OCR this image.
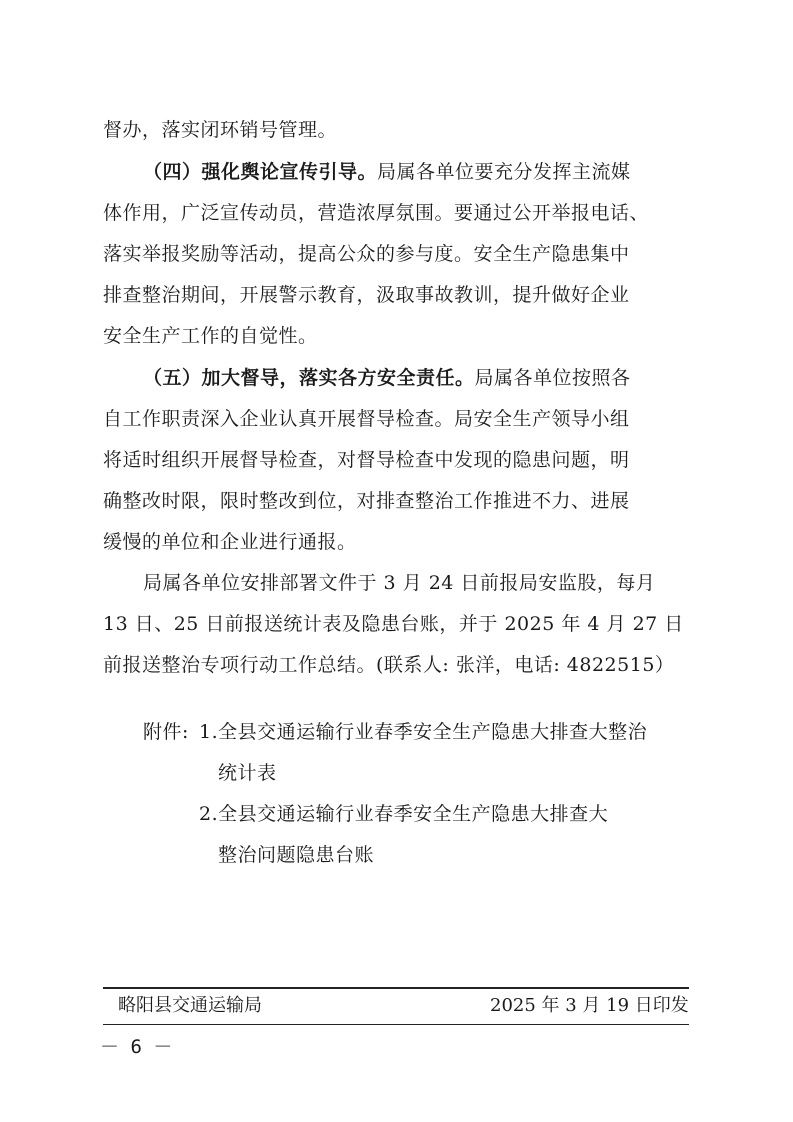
督办，落实闭环销号管理。
（四）强化舆论宣传引导。局属各单位要充分发挥主流媒
体作用，广泛宣传动员，营造浓厚氛围。要通过公开举报电话、
落实举报奖励等活动，提高公众的参与度。安全生产隐患集中
排查整治期间，开展警示教育，汲取事故教训，提升做好企业
安全生产工作的自觉性。
（五）加大督导，落实各方安全责任。局属各单位按照各
自工作职责深入企业认真开展督导检查。局安全生产领导小组
将适时组织开展督导检查，对督导检查中发现的隐患问题，明
确整改时限，限时整改到位，对排查整治工作推进不力、进展
缓慢的单位和企业进行通报。
局属各单位安排部署文件于 3 月 24 日前报局安监股，每月
13 日、25 日前报送统计表及隐患台账，并于 2025 年 4 月 27 日
前报送整治专项行动工作总结。(联系人: 张洋，电话: 4822515）
附件: 1.全县交通运输行业春季安全生产隐患大排查大整治
统计表
2.全县交通运输行业春季安全生产隐患大排查大
整治问题隐患台账
略阳县交通运输局	2025 年 3 月 19 日印发
－ 6 －
